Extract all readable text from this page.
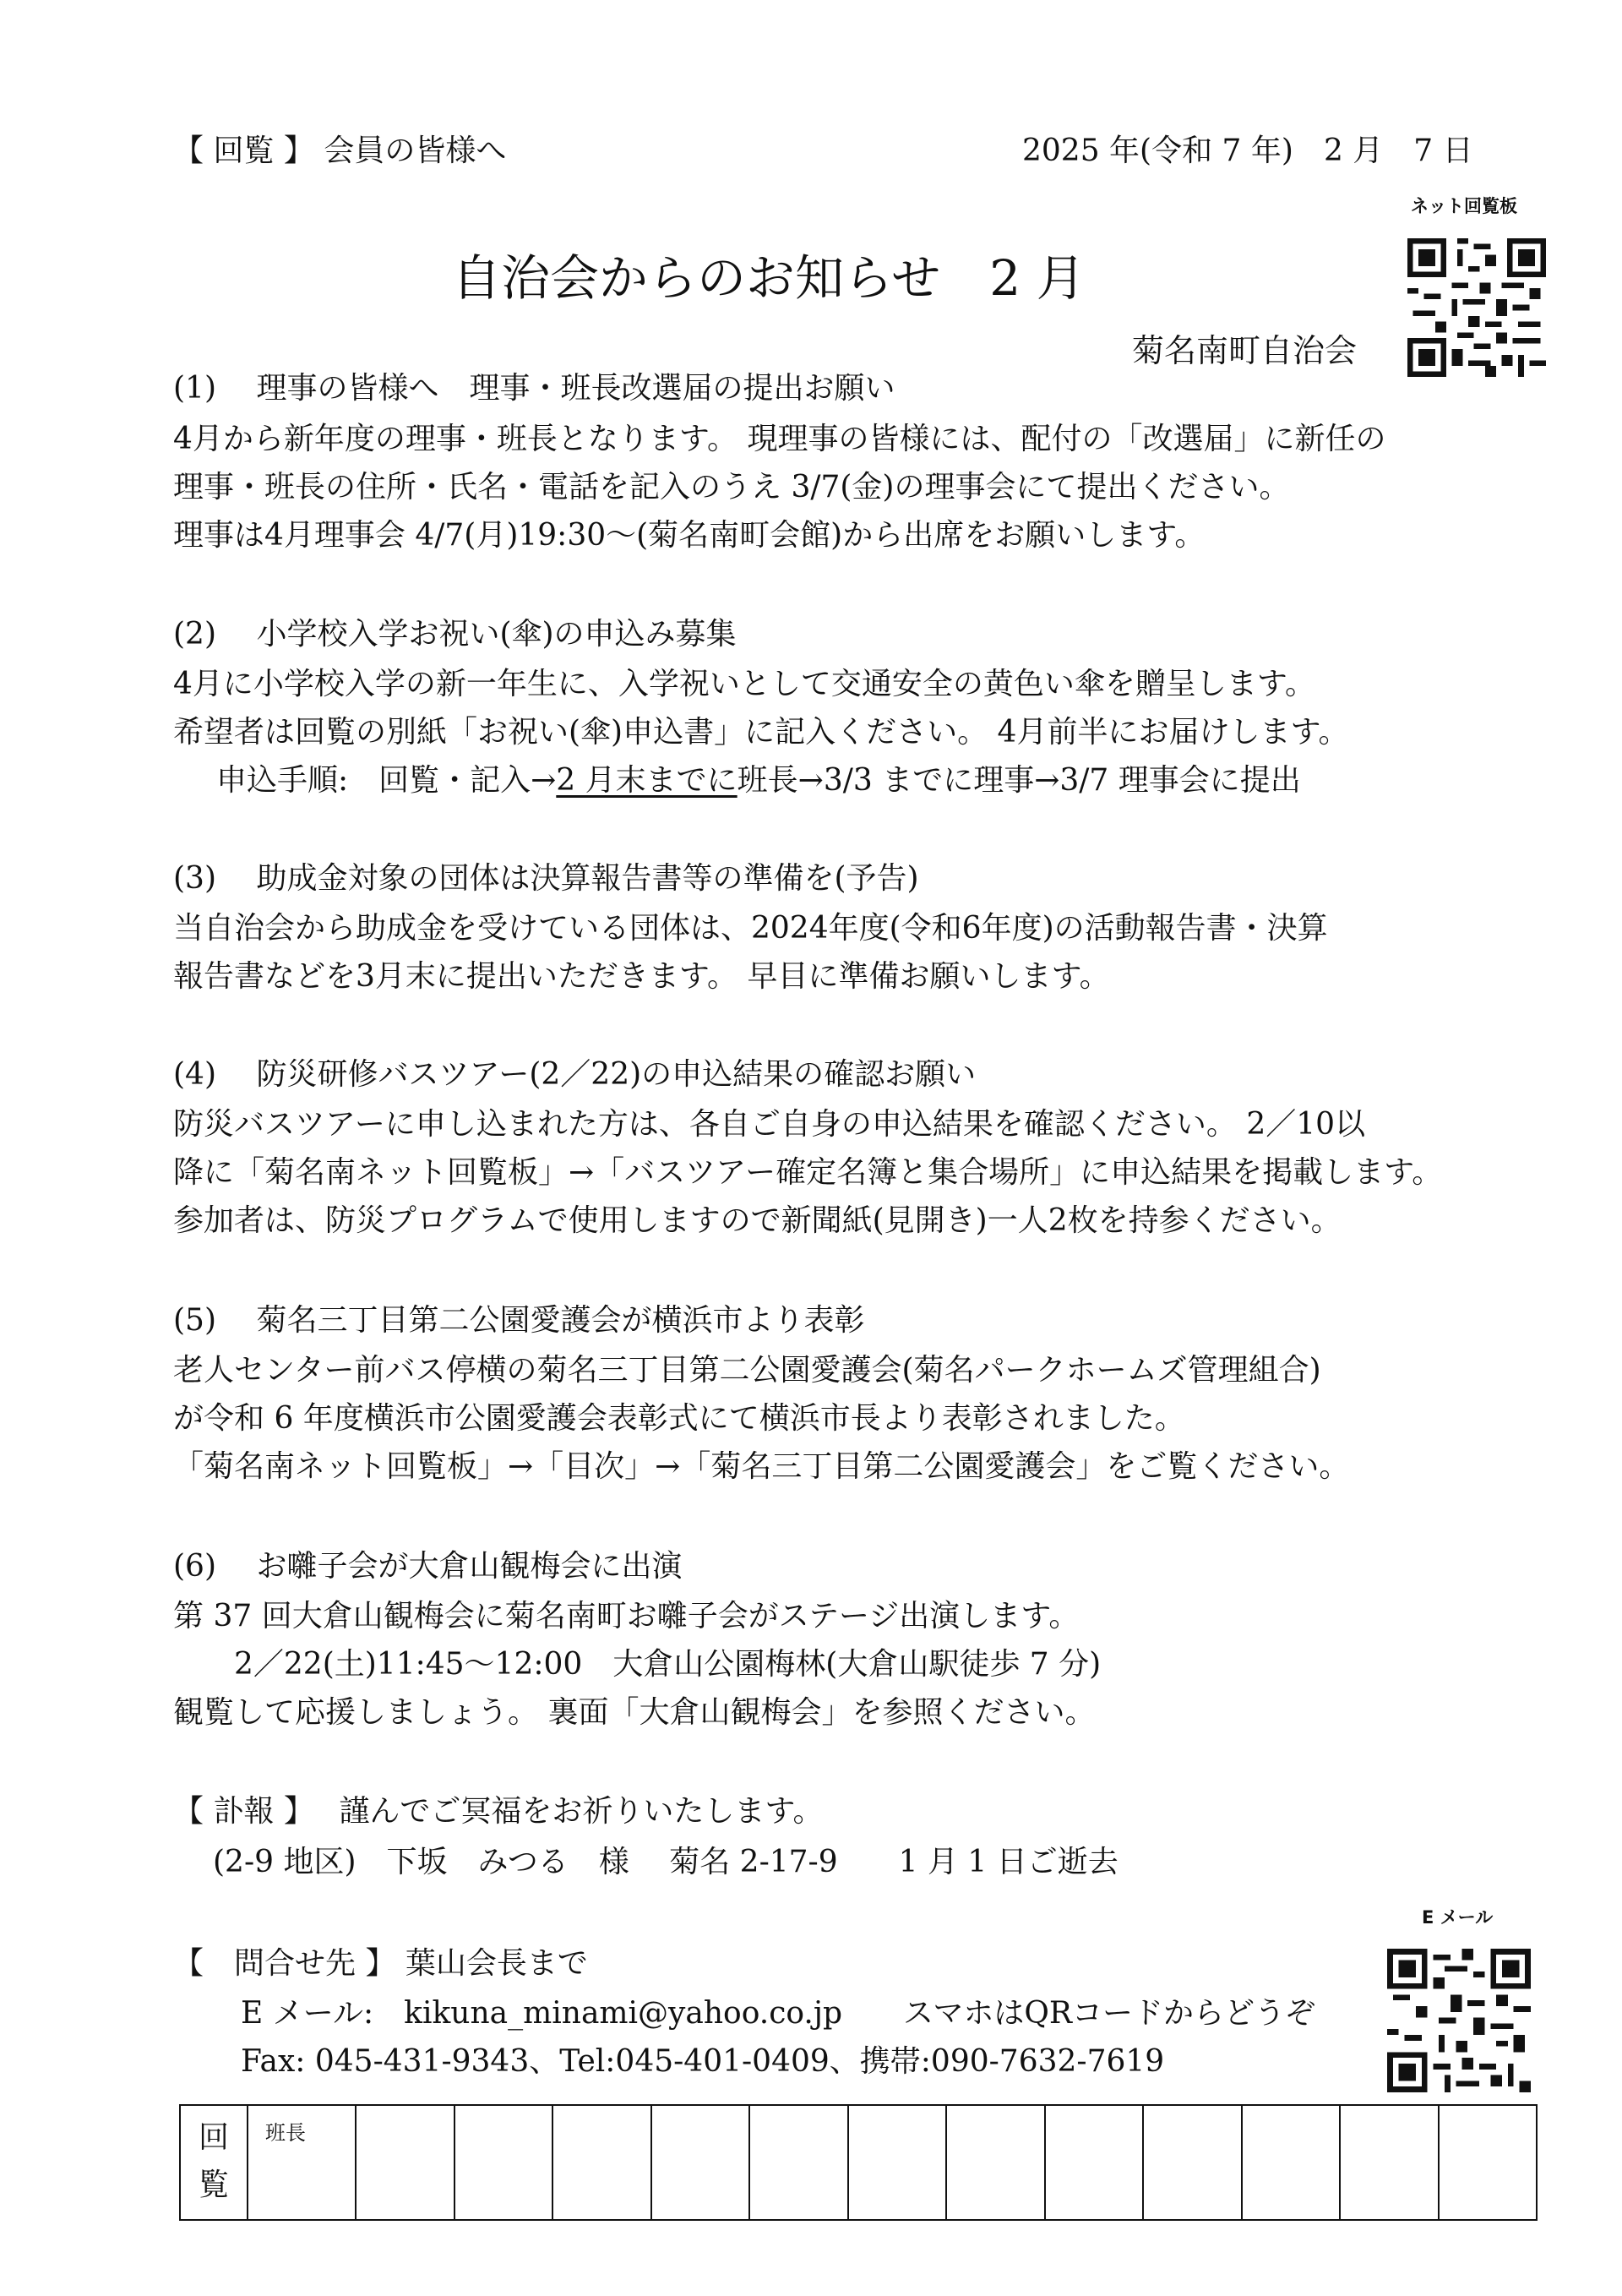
【 回覧 】 会員の皆様へ	2025 年(令和 7 年)　2 月　7 日
ネット回覧板
自治会からのお知らせ　2 月
菊名南町自治会
(1)　 理事の皆様へ　理事・班長改選届の提出お願い
4月から新年度の理事・班長となります。 現理事の皆様には、配付の「改選届」に新任の
理事・班長の住所・氏名・電話を記入のうえ 3/7(金)の理事会にて提出ください。
理事は4月理事会 4/7(月)19:30～(菊名南町会館)から出席をお願いします。
(2)　 小学校入学お祝い(傘)の申込み募集
4月に小学校入学の新一年生に、入学祝いとして交通安全の黄色い傘を贈呈します。
希望者は回覧の別紙「お祝い(傘)申込書」に記入ください。 4月前半にお届けします。
　申込手順:　回覧・記入→2 月末までに班長→3/3 までに理事→3/7 理事会に提出
(3)　 助成金対象の団体は決算報告書等の準備を(予告)
当自治会から助成金を受けている団体は、2024年度(令和6年度)の活動報告書・決算
報告書などを3月末に提出いただきます。 早目に準備お願いします。
(4)　 防災研修バスツアー(2／22)の申込結果の確認お願い
防災バスツアーに申し込まれた方は、各自ご自身の申込結果を確認ください。 2／10以
降に「菊名南ネット回覧板」→「バスツアー確定名簿と集合場所」に申込結果を掲載します。
参加者は、防災プログラムで使用しますので新聞紙(見開き)一人2枚を持参ください。
(5)　 菊名三丁目第二公園愛護会が横浜市より表彰
老人センター前バス停横の菊名三丁目第二公園愛護会(菊名パークホームズ管理組合)
が令和 6 年度横浜市公園愛護会表彰式にて横浜市長より表彰されました。
「菊名南ネット回覧板」→「目次」→「菊名三丁目第二公園愛護会」をご覧ください。
(6)　 お囃子会が大倉山観梅会に出演
第 37 回大倉山観梅会に菊名南町お囃子会がステージ出演します。
　　2／22(土)11:45～12:00　大倉山公園梅林(大倉山駅徒歩 7 分)
観覧して応援しましょう。 裏面「大倉山観梅会」を参照ください。
【 訃報 】　 謹んでご冥福をお祈りいたします。
(2-9 地区)　下坂　みつる　様　 菊名 2-17-9　　1 月 1 日ご逝去
E メール
【　問合せ先 】 葉山会長まで
E メール:　kikuna_minami@yahoo.co.jp　　スマホはQRコードからどうぞ
Fax: 045-431-9343、Tel:045-401-0409、携帯:090-7632-7619
回
覧
	班長												
